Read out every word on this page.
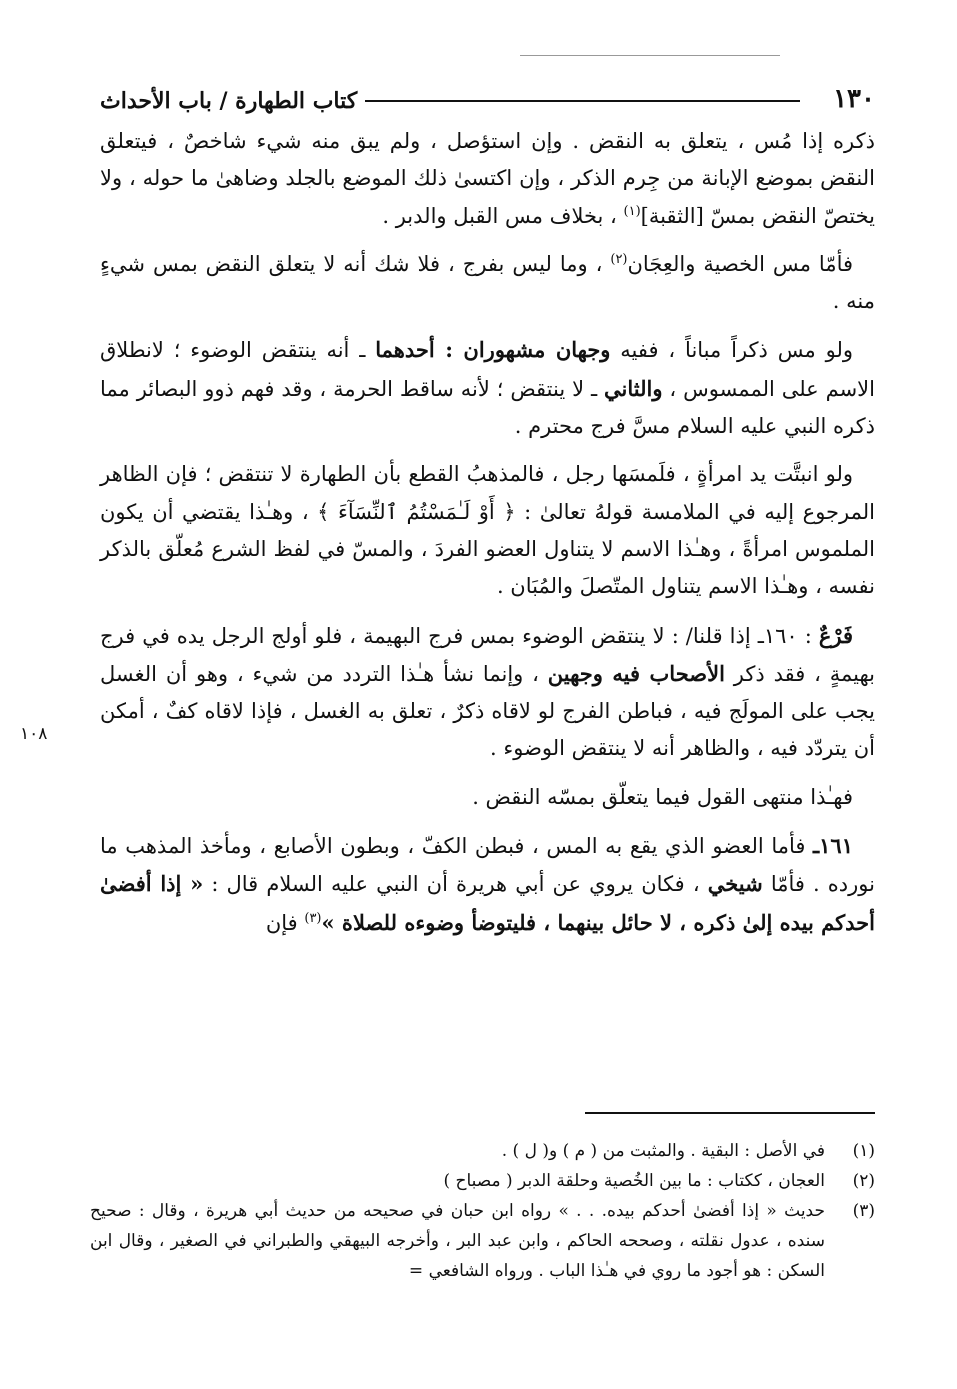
١٣٠
كتاب الطهارة / باب الأحداث
١٠٨

ذكره إذا مُس ، يتعلق به النقض . وإن استؤصل ، ولم يبق منه شيء شاخصٌ ، فيتعلق النقض بموضع الإبانة من جِرم الذكر ، وإن اكتسىٰ ذلك الموضع بالجلد وضاهىٰ ما حوله ، ولا يختصّ النقض بمسّ [الثقبة]$^{(١)}$ ، بخلاف مس القبل والدبر .

فأمّا مس الخصية والعِجَان$^{(٢)}$ ، وما ليس بفرج ، فلا شك أنه لا يتعلق النقض بمس شيءٍ منه .

ولو مس ذكراً مباناً ، ففيه وجهان مشهوران : أحدهما ـ أنه ينتقض الوضوء ؛ لانطلاق الاسم على الممسوس ، والثاني ـ لا ينتقض ؛ لأنه ساقط الحرمة ، وقد فهم ذوو البصائر مما ذكره النبي عليه السلام مسَّ فرج محترم .

ولو انبتَّت يد امرأةٍ ، فلَمسَها رجل ، فالمذهبُ القطع بأن الطهارة لا تنتقض ؛ فإن الظاهر المرجوع إليه في الملامسة قولهُ تعالىٰ : ﴿ أَوْ لَـٰمَسْتُمُ ٱلنِّسَآءَ ﴾ ، وهـٰذا يقتضي أن يكون الملموس امرأةً ، وهـٰذا الاسم لا يتناول العضو الفردَ ، والمسّ في لفظ الشرع مُعلّق بالذكر نفسه ، وهـٰذا الاسم يتناول المتّصلَ والمُبَان .

فَرْعٌ : ١٦٠ـ إذا قلنا/ : لا ينتقض الوضوء بمس فرج البهيمة ، فلو أولج الرجل يده في فرج بهيمةٍ ، فقد ذكر الأصحاب فيه وجهين ، وإنما نشأ هـٰذا التردد من شيء ، وهو أن الغسل يجب على المولَج فيه ، فباطن الفرج لو لاقاه ذكرٌ ، تعلق به الغسل ، فإذا لاقاه كفٌ ، أمكن أن يتردّد فيه ، والظاهر أنه لا ينتقض الوضوء .

فهـٰذا منتهى القول فيما يتعلّق بمسّه النقض .

١٦١ـ فأما العضو الذي يقع به المس ، فبطن الكفّ ، وبطون الأصابع ، ومأخذ المذهب ما نورده . فأمّا شيخي ، فكان يروي عن أبي هريرة أن النبي عليه السلام قال : « إذا أفضىٰ أحدكم بيده إلىٰ ذكره ، لا حائل بينهما ، فليتوضأ وضوءه للصلاة »$^{(٣)}$ فإن

(١)
في الأصل : البقية . والمثبت من ( م ) و( ل ) .
(٢)
العجان ، ككتاب : ما بين الخُصية وحلقة الدبر ( مصباح )
(٣)
حديث « إذا أفضىٰ أحدكم بيده. . . » رواه ابن حبان في صحيحه من حديث أبي هريرة ، وقال : صحيح سنده ، عدول نقلته ، وصححه الحاكم ، وابن عبد البر ، وأخرجه البيهقي والطبراني في الصغير ، وقال ابن السكن : هو أجود ما روي في هـٰذا الباب . ورواه الشافعي =
